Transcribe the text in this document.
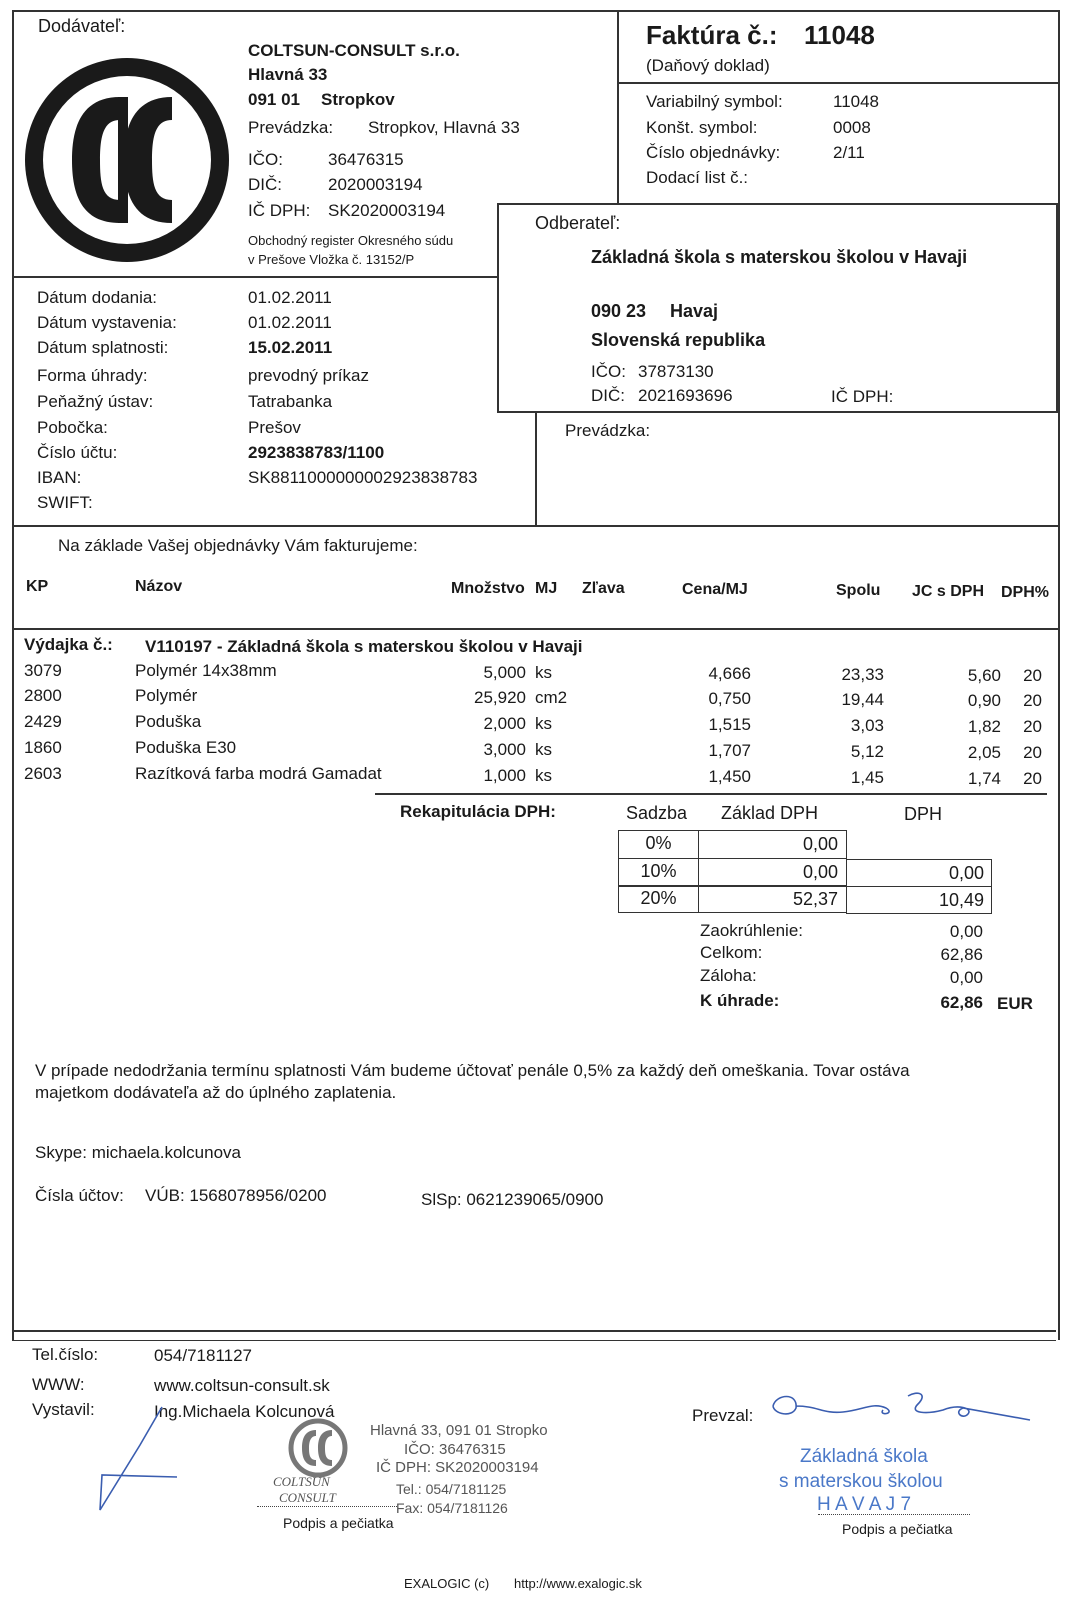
Dodávateľ:
COLTSUN-CONSULT s.r.o.
Hlavná 33
091 01 Stropkov
Prevádzka: Stropkov, Hlavná 33
IČO:	36476315
DIČ:	2020003194
IČ DPH: SK2020003194
Obchodný register Okresného súdu
v Prešove Vložka č. 13152/P
Faktúra č.: 11048
(Daňový doklad)
Variabilný symbol:	11048
Konšt. symbol:	0008
Číslo objednávky:	2/11
Dodací list č.:
Odberateľ:
Základná škola s materskou školou v Havaji
090 23 Havaj
Slovenská republika
IČO: 37873130
DIČ: 2021693696	IČ DPH:
Prevádzka:
Dátum dodania:	01.02.2011
Dátum vystavenia:	01.02.2011
Dátum splatnosti:	15.02.2011
Forma úhrady:	prevodný príkaz
Peňažný ústav:	Tatrabanka
Pobočka:	Prešov
Číslo účtu:	2923838783/1100
IBAN:	SK8811000000002923838783
SWIFT:
Na základe Vašej objednávky Vám fakturujeme:
KP	Názov	Množstvo MJ Zľava	Cena/MJ	Spolu JC s DPH DPH%
Výdajka č.: V110197 - Základná škola s materskou školou v Havaji
3079	Polymér 14x38mm	5,000 ks	4,666	23,33	5,60	20
2800	Polymér	25,920 cm2	0,750	19,44	0,90	20
2429	Poduška	2,000 ks	1,515	3,03	1,82	20
1860	Poduška E30	3,000 ks	1,707	5,12	2,05	20
2603	Razítková farba modrá Gamadat	1,000 ks	1,450	1,45	1,74	20
Rekapitulácia DPH:	Sadzba Základ DPH	DPH
0%	0,00
10%	0,00	0,00
20%	52,37	10,49
Zaokrúhlenie:	0,00
Celkom:	62,86
Záloha:	0,00
K úhrade:	62,86 EUR
V prípade nedodržania termínu splatnosti Vám budeme účtovať penále 0,5% za každý deň omeškania. Tovar ostáva
majetkom dodávateľa až do úplného zaplatenia.
Skype: michaela.kolcunova
Čísla účtov: VÚB: 1568078956/0200	SlSp: 0621239065/0900
Tel.číslo:	054/7181127
WWW:	www.coltsun-consult.sk
Vystavil:	Ing.Michaela Kolcunová	Prevzal:
Hlavná 33, 091 01 Stropko
IČO: 36476315
IČ DPH: SK2020003194
Tel.: 054/7181125
Fax: 054/7181126
COLTSUN
CONSULT
Podpis a pečiatka
Základná škola
s materskou školou
H A V A J 7
Podpis a pečiatka
EXALOGIC (c) http://www.exalogic.sk
